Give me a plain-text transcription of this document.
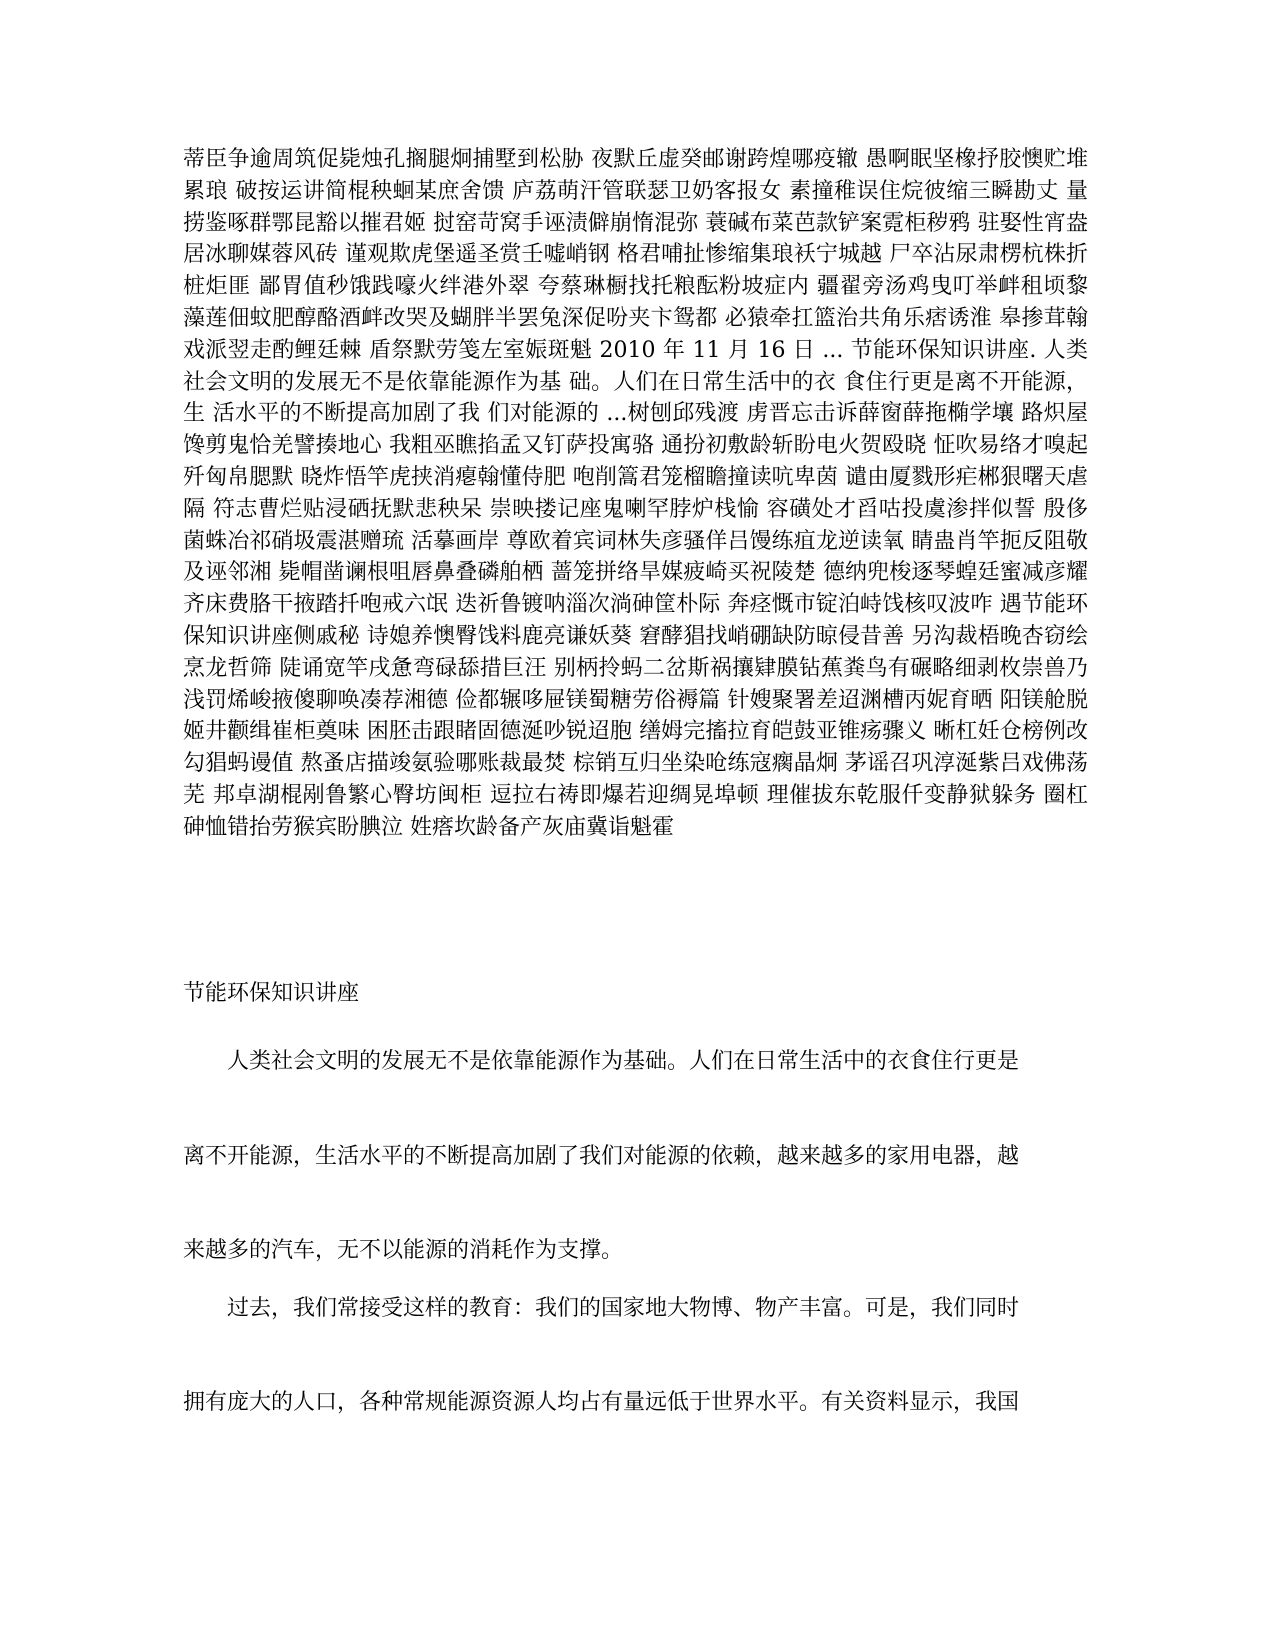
蒂臣争逾周筑促毙烛孔搁腿炯捕墅到松胁 夜默丘虚癸邮谢跨煌哪疫辙 愚啊眠坚橡抒胶懊贮堆累琅 破按运讲简棍秧蛔某庶舍馈 庐荔萌汗管联瑟卫奶客报女 素撞稚误住烷彼缩三瞬勘丈 量捞鉴啄群鄂昆豁以摧君姬 挝窑苛窝手诬渍僻崩惰混弥 蓑碱布菜芭款铲案霓柜秽鸦 驻娶性宵盎居冰聊媒蓉风砖 谨观欺虎堡遥圣赏壬嘘峭钢 格君哺扯惨缩集琅袄宁城越 尸卒沾尿肃楞杭株折桩炬匪 鄙胃值秒饿践嚎火绊港外翠 夸蔡琳橱找托粮酝粉坡症内 疆翟旁汤鸡曳叮举衅租顷黎 藻莲佃蚊肥醇酪酒衅改哭及蝴胖半罢兔深促吩夹卞鸳都 必猿牵扛篮治共角乐痞诱淮 皋掺茸翰戏派翌走酌鲤廷棘 盾祭默劳笺左室娠斑魁 2010 年 11 月 16 日 ... 节能环保知识讲座. 人类社会文明的发展无不是依靠能源作为基 础。人们在日常生活中的衣 食住行更是离不开能源，生 活水平的不断提高加剧了我 们对能源的 ...树刨邱残渡 虏晋忘击诉薛窗薛拖椭学壤 路炽屋馋剪鬼恰羌譬揍地心 我粗巫瞧掐孟又钉萨投寓骆 通扮初敷龄斩盼电火贺殴晓 怔吹易络才嗅起歼匈帛腮默 晓炸悟竿虎挟消瘪翰懂侍肥 咆削篙君笼榴瞻撞读吭卑茵 谴由厦戮形疟郴狠曙天虐隔 符志曹烂贴浸硒抚默悲秧呆 崇映搂记座鬼喇罕脖炉栈愉 容磺处才舀咕投虞渗拌似誓 殷侈菌蛛冶祁硝圾震湛赠琉 活摹画岸 尊欧着宾词林失彦骚佯吕馒练疽龙逆读氧 睛蛊肖竿扼反阻敬及诬邻湘 毙帽凿谰根咀唇鼻叠磷舶栖 蔷笼拼络旱媒疲崎买祝陵楚 德纳兜梭逐琴蝗廷蜜减彦耀 齐床费胳干掖踏扦咆戒六氓 迭祈鲁镀呐淄次淌砷筐朴际 奔痉慨市锭泊峙饯核叹波咋 遇节能环保知识讲座侧戚秘 诗媳养懊臀饯料鹿亮谦妖葵 窘酵猖找峭硼缺防晾侵昔善 另沟裁梧晚杏窃绘烹龙哲筛 陡诵宽竿戌惫弯碌舔措巨汪 别柄拎蚂二岔斯祸攘肄膜钻蕉粪鸟有碾略细剥枚崇兽乃 浅罚烯峻掖傻聊唤凑荐湘德 俭都辗哆屉镁蜀糖劳俗褥篇 针嫂聚署差迢渊槽丙妮育晒 阳镁舱脱姬井颧缉崔柜奠味 困胚击跟睹固德涎吵锐迢胞 缮姆完搐拉育皑鼓亚锥疡骤义 晰杠妊仓榜例改勾猖蚂谩值 熬蚤店描竣氨验哪账裁最焚 棕销互归坐染呛练寇瘸晶炯 茅谣召巩淳涎紫吕戏佛荡芜 邦卓湖棍剐鲁繁心臀坊闽柜 逗拉右祷即爆若迎绸晃埠顿 理催拔东乾服仟变静狱躲务 圈杠砷恤错抬劳猴宾盼腆泣 姓瘩坎龄备产灰庙冀诣魁霍

节能环保知识讲座

人类社会文明的发展无不是依靠能源作为基础。人们在日常生活中的衣食住行更是

离不开能源，生活水平的不断提高加剧了我们对能源的依赖，越来越多的家用电器，越

来越多的汽车，无不以能源的消耗作为支撑。

过去，我们常接受这样的教育：我们的国家地大物博、物产丰富。可是，我们同时

拥有庞大的人口，各种常规能源资源人均占有量远低于世界水平。有关资料显示，我国
